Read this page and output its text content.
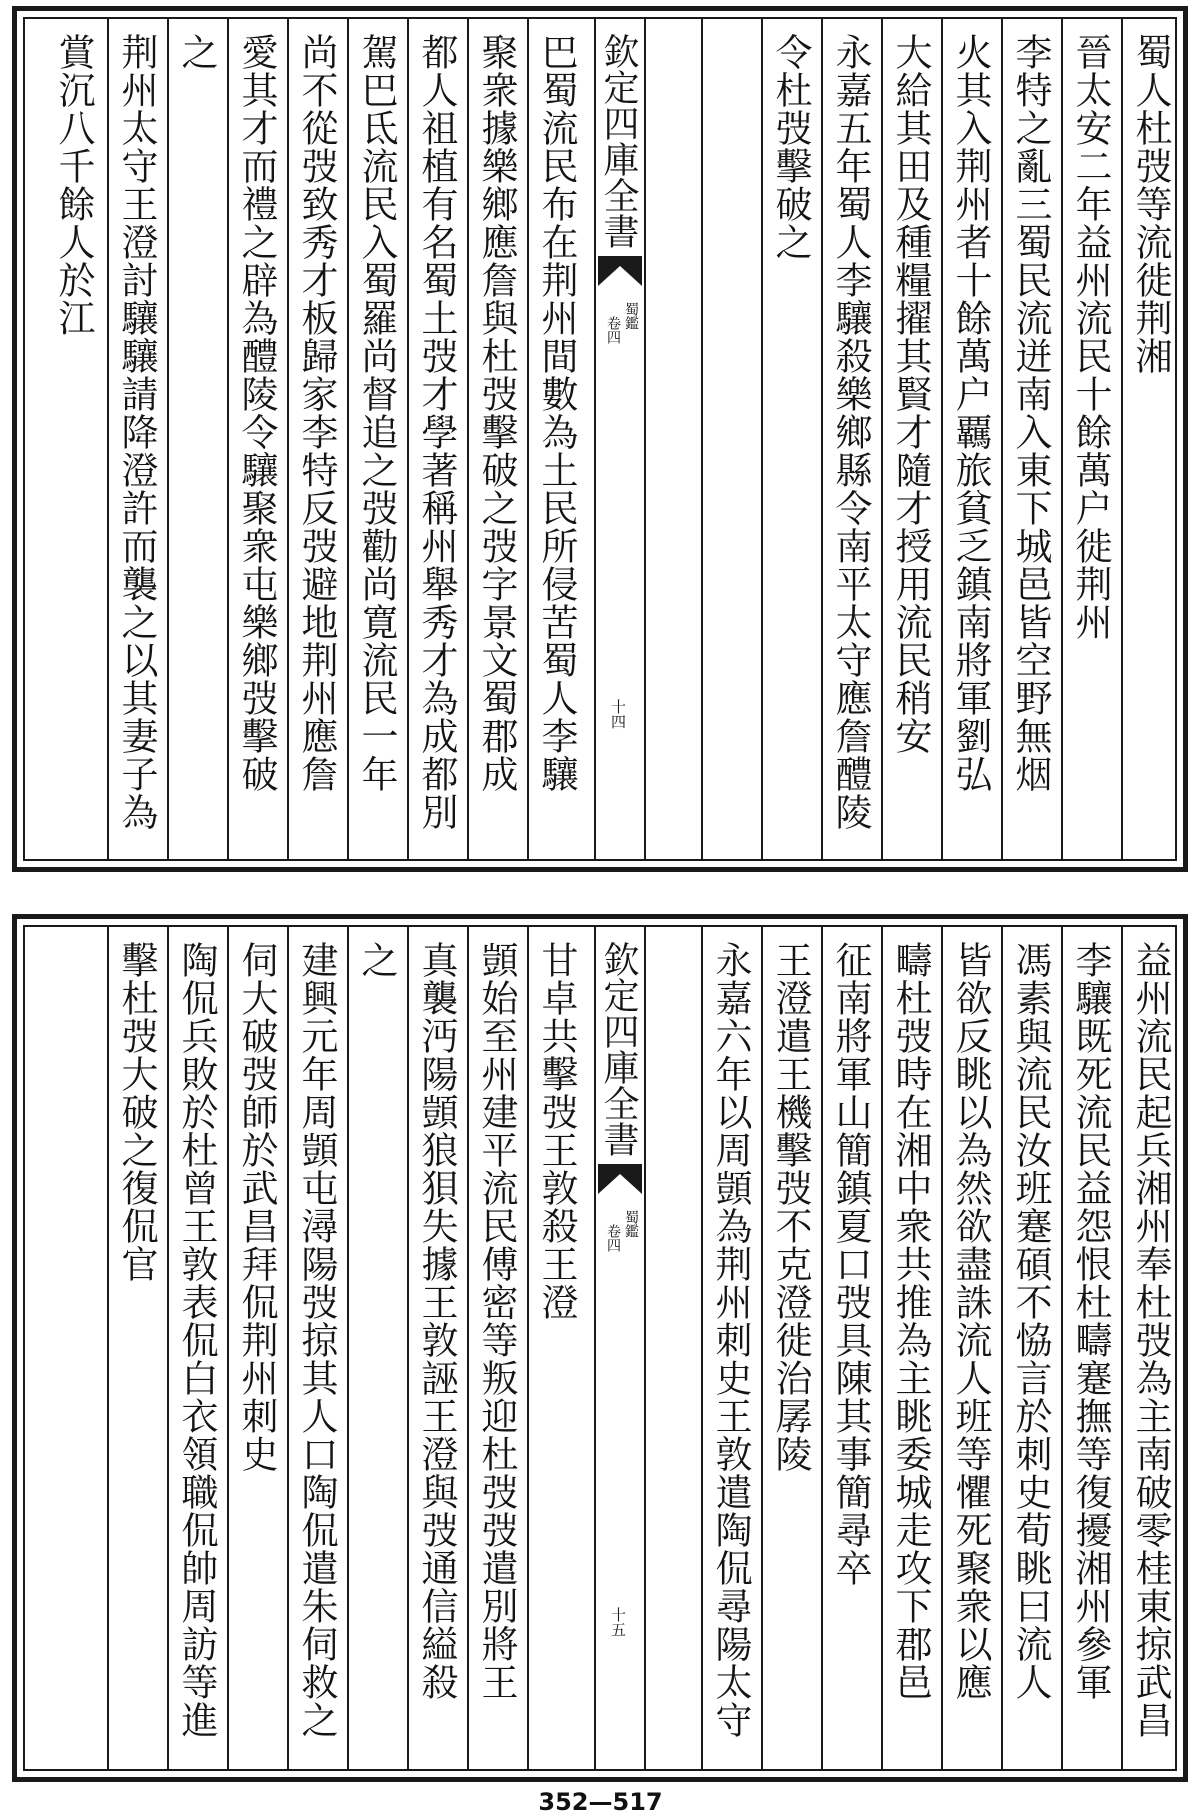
蜀人杜弢等流徙荆湘
晉太安二年益州流民十餘萬户徙荆州
李特之亂三蜀民流迸南入東下城邑皆空野無烟
火其入荆州者十餘萬户覊旅貧乏鎮南將軍劉弘
大給其田及種糧擢其賢才隨才授用流民稍安
永嘉五年蜀人李驤殺樂鄉縣令南平太守應詹醴陵
令杜弢擊破之
欽定四庫全書
蜀鑑
卷四
十四
巴蜀流民布在荆州間數為土民所侵苦蜀人李驤
聚衆據樂鄉應詹與杜弢擊破之弢字景文蜀郡成
都人祖植有名蜀土弢才學著稱州舉秀才為成都別
駕巴氐流民入蜀羅尚督追之弢勸尚寛流民一年
尚不從弢致秀才板歸家李特反弢避地荆州應詹
愛其才而禮之辟為醴陵令驤聚衆屯樂鄉弢擊破
之
荆州太守王澄討驤驤請降澄許而襲之以其妻子為
賞沉八千餘人於江
益州流民起兵湘州奉杜弢為主南破零桂東掠武昌
李驤既死流民益怨恨杜疇蹇撫等復擾湘州參軍
馮素與流民汝班蹇碩不恊言於刺史荀眺曰流人
皆欲反眺以為然欲盡誅流人班等懼死聚衆以應
疇杜弢時在湘中衆共推為主眺委城走攻下郡邑
征南將軍山簡鎮夏口弢具陳其事簡尋卒
王澄遣王機擊弢不克澄徙治孱陵
永嘉六年以周顗為荆州刺史王敦遣陶侃尋陽太守
欽定四庫全書
蜀鑑
卷四
十五
甘卓共擊弢王敦殺王澄
顗始至州建平流民傅密等叛迎杜弢弢遣別將王
真襲沔陽顗狼狽失據王敦誣王澄與弢通信縊殺
之
建興元年周顗屯潯陽弢掠其人口陶侃遣朱伺救之
伺大破弢師於武昌拜侃荆州刺史
陶侃兵敗於杜曾王敦表侃白衣領職侃帥周訪等進
擊杜弢大破之復侃官
352—517
